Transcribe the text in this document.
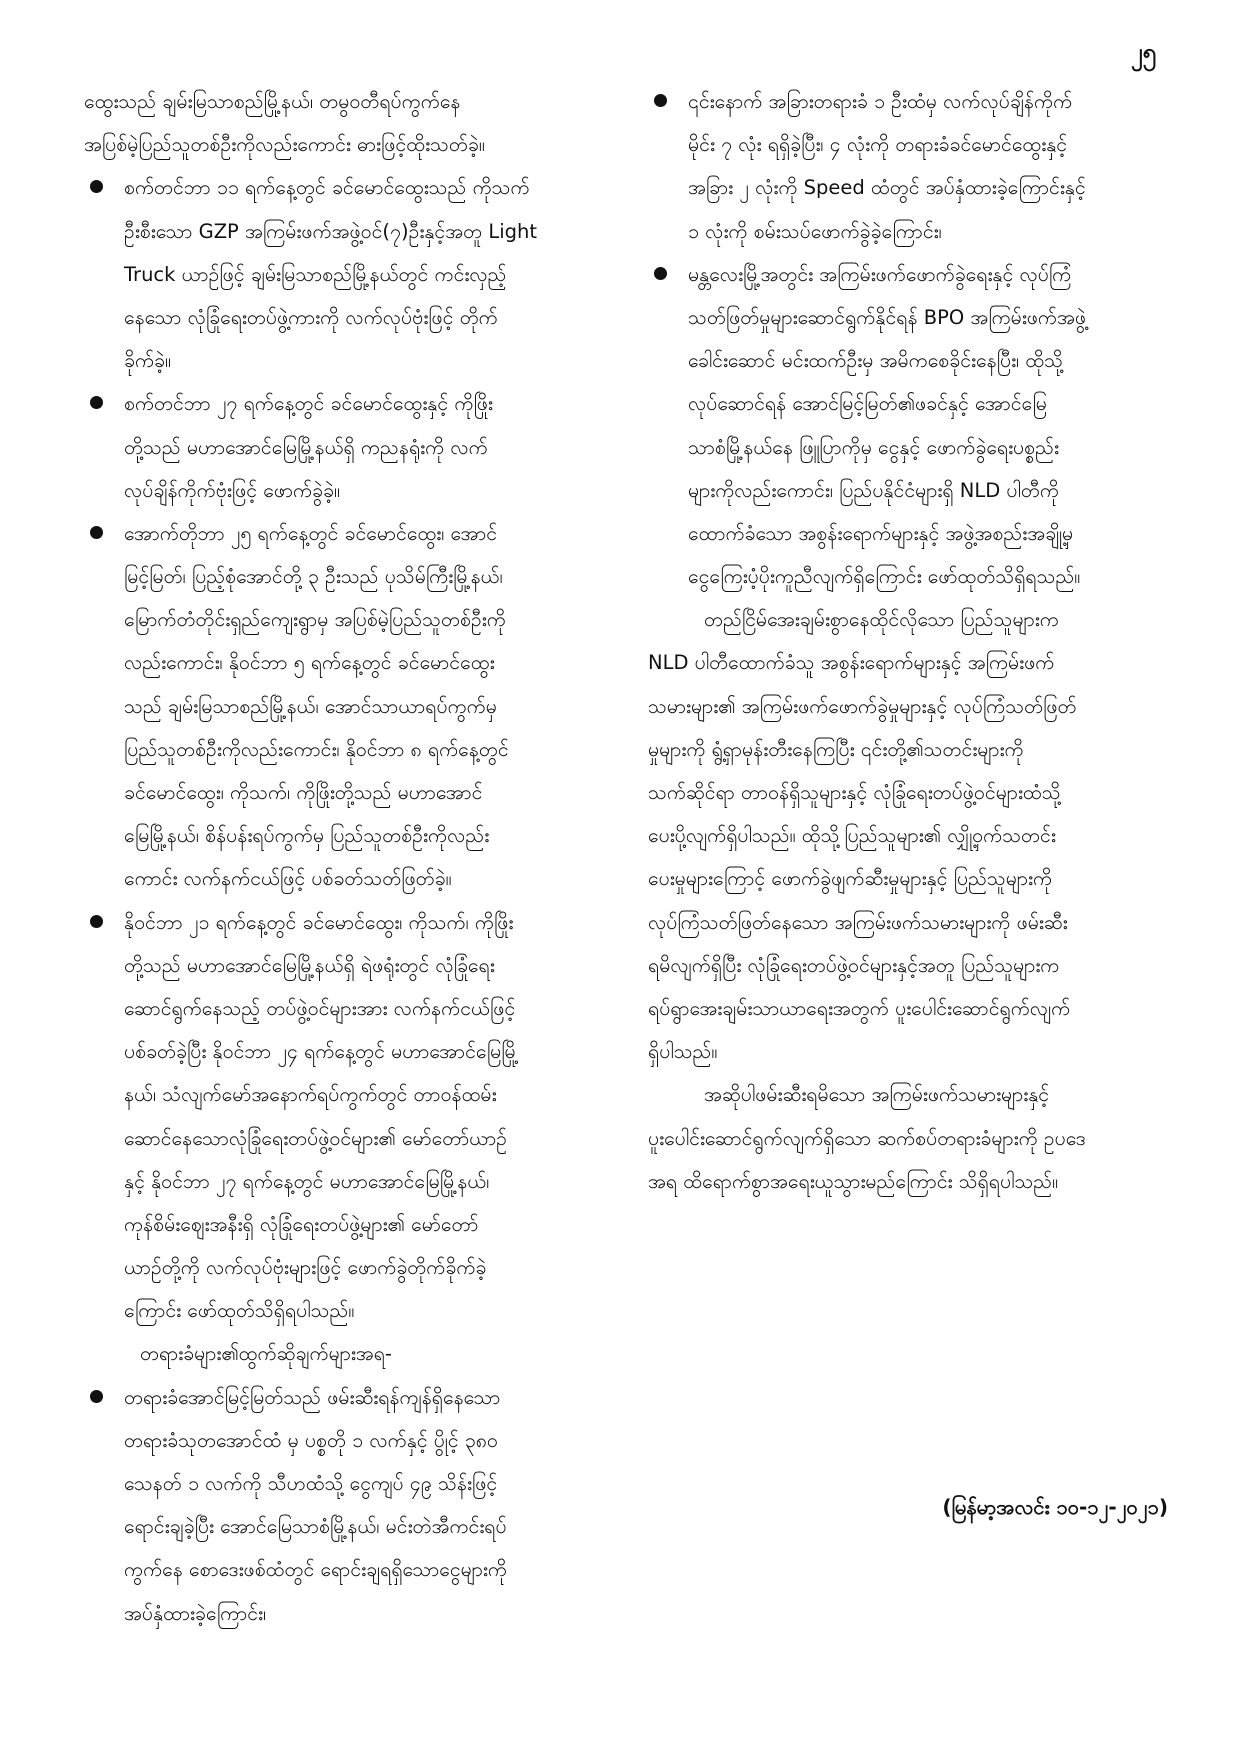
၂၅
ထွေးသည် ချမ်းမြသာစည်မြို့နယ်၊ တမွ၀တီရပ်ကွက်နေ
အပြစ်မဲ့ပြည်သူတစ်ဦးကိုလည်းကောင်း ဓားဖြင့်ထိုးသတ်ခဲ့။
စက်တင်ဘာ ၁၁ ရက်နေ့တွင် ခင်မောင်ထွေးသည် ကိုသက်
ဦးစီးသော GZP အကြမ်းဖက်အဖွဲ့၀င်(၇)ဦးနှင့်အတူ Light
Truck ယာဉ်ဖြင့် ချမ်းမြသာစည်မြို့နယ်တွင် ကင်းလှည့်
နေသော လုံခြုံရေးတပ်ဖွဲ့ကားကို လက်လုပ်ဗုံးဖြင့် တိုက်
ခိုက်ခဲ့။
စက်တင်ဘာ ၂၇ ရက်နေ့တွင် ခင်မောင်ထွေးနှင့် ကိုဖြိုး
တို့သည် မဟာအောင်မြေမြို့နယ်ရှိ ကညနရုံးကို လက်
လုပ်ချိန်ကိုက်ဗုံးဖြင့် ဖောက်ခွဲခဲ့။
အောက်တိုဘာ ၂၅ ရက်နေ့တွင် ခင်မောင်ထွေး၊ အောင်
မြင့်မြတ်၊ ပြည့်စုံအောင်တို့ ၃ ဦးသည် ပုသိမ်ကြီးမြို့နယ်၊
မြောက်တံတိုင်းရှည်ကျေးရွာမှ အပြစ်မဲ့ပြည်သူတစ်ဦးကို
လည်းကောင်း၊ နိုဝင်ဘာ ၅ ရက်နေ့တွင် ခင်မောင်ထွေး
သည် ချမ်းမြသာစည်မြို့နယ်၊ အောင်သာယာရပ်ကွက်မှ
ပြည်သူတစ်ဦးကိုလည်းကောင်း၊ နိုဝင်ဘာ ၈ ရက်နေ့တွင်
ခင်မောင်ထွေး၊ ကိုသက်၊ ကိုဖြိုးတို့သည် မဟာအောင်
မြေမြို့နယ်၊ စိန်ပန်းရပ်ကွက်မှ ပြည်သူတစ်ဦးကိုလည်း
ကောင်း လက်နက်ငယ်ဖြင့် ပစ်ခတ်သတ်ဖြတ်ခဲ့။
နိုဝင်ဘာ ၂၁ ရက်နေ့တွင် ခင်မောင်ထွေး၊ ကိုသက်၊ ကိုဖြိုး
တို့သည် မဟာအောင်မြေမြို့နယ်ရှိ ရဲဖရုံးတွင် လုံခြုံရေး
ဆောင်ရွက်နေသည့် တပ်ဖွဲ့၀င်များအား လက်နက်ငယ်ဖြင့်
ပစ်ခတ်ခဲ့ပြီး နိုဝင်ဘာ ၂၄ ရက်နေ့တွင် မဟာအောင်မြေမြို့
နယ်၊ သံလျက်မော်အနောက်ရပ်ကွက်တွင် တာ၀န်ထမ်း
ဆောင်နေသောလုံခြုံရေးတပ်ဖွဲ့၀င်များ၏ မော်တော်ယာဉ်
နှင့် နိုဝင်ဘာ ၂၇ ရက်နေ့တွင် မဟာအောင်မြေမြို့နယ်၊
ကုန်စိမ်းဈေးအနီးရှိ လုံခြုံရေးတပ်ဖွဲ့များ၏ မော်တော်
ယာဉ်တို့ကို လက်လုပ်ဗုံးများဖြင့် ဖောက်ခွဲတိုက်ခိုက်ခဲ့
ကြောင်း ဖော်ထုတ်သိရှိရပါသည်။
တရားခံများ၏ထွက်ဆိုချက်များအရ-
တရားခံအောင်မြင့်မြတ်သည် ဖမ်းဆီးရန်ကျန်ရှိနေသော
တရားခံသုတအောင်ထံ မှ ပစ္စတို ၁ လက်နှင့် ပွိုင့် ၃၈၀
သေနတ် ၁ လက်ကို သီဟထံသို့ ငွေကျပ် ၄၉ သိန်းဖြင့်
ရောင်းချခဲ့ပြီး အောင်မြေသာစံမြို့နယ်၊ မင်းတဲအီကင်းရပ်
ကွက်နေ စောဒေးဖစ်ထံတွင် ရောင်းချရရှိသောငွေများကို
အပ်နှံထားခဲ့ကြောင်း၊
၎င်းနောက် အခြားတရားခံ ၁ ဦးထံမှ လက်လုပ်ချိန်ကိုက်
မိုင်း ၇ လုံး ရရှိခဲ့ပြီး၊ ၄ လုံးကို တရားခံခင်မောင်ထွေးနှင့်
အခြား ၂ လုံးကို Speed ထံတွင် အပ်နှံထားခဲ့ကြောင်းနှင့်
၁ လုံးကို စမ်းသပ်ဖောက်ခွဲခဲ့ကြောင်း၊
မန္တလေးမြို့အတွင်း အကြမ်းဖက်ဖောက်ခွဲရေးနှင့် လုပ်ကြံ
သတ်ဖြတ်မှုများဆောင်ရွက်နိုင်ရန် BPO အကြမ်းဖက်အဖွဲ့
ခေါင်းဆောင် မင်းထက်ဦးမှ အမိကစေခိုင်းနေပြီး၊ ထိုသို့
လုပ်ဆောင်ရန် အောင်မြင့်မြတ်၏ဖခင်နှင့် အောင်မြေ
သာစံမြို့နယ်နေ ဖြူပြာကိုမှ ငွေနှင့် ဖောက်ခွဲရေးပစ္စည်း
များကိုလည်းကောင်း၊ ပြည်ပနိုင်ငံများရှိ NLD ပါတီကို
ထောက်ခံသော အစွန်းရောက်များနှင့် အဖွဲ့အစည်းအချို့မှ
ငွေကြေးပံ့ပိုးကူညီလျက်ရှိကြောင်း ဖော်ထုတ်သိရှိရသည်။
တည်ငြိမ်အေးချမ်းစွာနေထိုင်လိုသော ပြည်သူများက
NLD ပါတီထောက်ခံသူ အစွန်းရောက်များနှင့် အကြမ်းဖက်
သမားများ၏ အကြမ်းဖက်ဖောက်ခွဲမှုများနှင့် လုပ်ကြံသတ်ဖြတ်
မှုများကို ရွံ့ရှာမုန်းတီးနေကြပြီး ၎င်းတို့၏သတင်းများကို
သက်ဆိုင်ရာ တာ၀န်ရှိသူများနှင့် လုံခြုံရေးတပ်ဖွဲ့၀င်များထံသို့
ပေးပို့လျက်ရှိပါသည်။ ထိုသို့ပြည်သူများ၏ လျှို့၀ှက်သတင်း
ပေးမှုများကြောင့် ဖောက်ခွဲဖျက်ဆီးမှုများနှင့် ပြည်သူများကို
လုပ်ကြံသတ်ဖြတ်နေသော အကြမ်းဖက်သမားများကို ဖမ်းဆီး
ရမိလျက်ရှိပြီး လုံခြုံရေးတပ်ဖွဲ့၀င်များနှင့်အတူ ပြည်သူများက
ရပ်ရွာအေးချမ်းသာယာရေးအတွက် ပူးပေါင်းဆောင်ရွက်လျက်
ရှိပါသည်။
အဆိုပါဖမ်းဆီးရမိသော အကြမ်းဖက်သမားများနှင့်
ပူးပေါင်းဆောင်ရွက်လျက်ရှိသော ဆက်စပ်တရားခံများကို ဥပဒေ
အရ ထိရောက်စွာအရေးယူသွားမည်ကြောင်း သိရှိရပါသည်။
(မြန်မာ့အလင်း ၁၀-၁၂-၂၀၂၁)
